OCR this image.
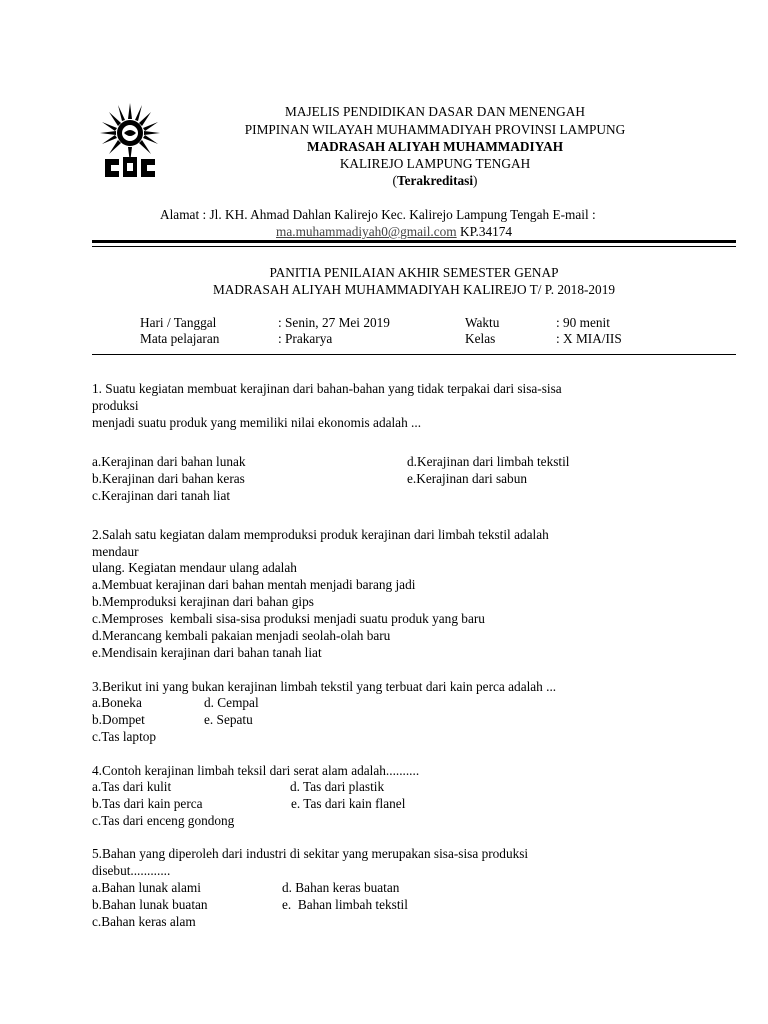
MAJELIS PENDIDIKAN DASAR DAN MENENGAH
PIMPINAN WILAYAH MUHAMMADIYAH PROVINSI LAMPUNG
MADRASAH ALIYAH MUHAMMADIYAH
KALIREJO LAMPUNG TENGAH
(Terakreditasi)
Alamat : Jl. KH. Ahmad Dahlan Kalirejo Kec. Kalirejo Lampung Tengah E-mail :
ma.muhammadiyah0@gmail.com KP.34174
PANITIA PENILAIAN AKHIR SEMESTER GENAP
MADRASAH ALIYAH MUHAMMADIYAH KALIREJO T/ P. 2018-2019
Hari / Tanggal	: Senin, 27 Mei 2019	Waktu	: 90 menit
Mata pelajaran	: Prakarya	Kelas	: X MIA/IIS
1. Suatu kegiatan membuat kerajinan dari bahan-bahan yang tidak terpakai dari sisa-sisa
produksi
menjadi suatu produk yang memiliki nilai ekonomis adalah ...
a.Kerajinan dari bahan lunak
b.Kerajinan dari bahan keras
c.Kerajinan dari tanah liat
d.Kerajinan dari limbah tekstil
e.Kerajinan dari sabun
2.Salah satu kegiatan dalam memproduksi produk kerajinan dari limbah tekstil adalah
mendaur
ulang. Kegiatan mendaur ulang adalah
a.Membuat kerajinan dari bahan mentah menjadi barang jadi
b.Memproduksi kerajinan dari bahan gips
c.Memproses  kembali sisa-sisa produksi menjadi suatu produk yang baru
d.Merancang kembali pakaian menjadi seolah-olah baru
e.Mendisain kerajinan dari bahan tanah liat
3.Berikut ini yang bukan kerajinan limbah tekstil yang terbuat dari kain perca adalah ...
a.Boneka
b.Dompet
c.Tas laptop
d. Cempal
e. Sepatu
4.Contoh kerajinan limbah teksil dari serat alam adalah..........
a.Tas dari kulit
b.Tas dari kain perca
c.Tas dari enceng gondong
d. Tas dari plastik
e. Tas dari kain flanel
5.Bahan yang diperoleh dari industri di sekitar yang merupakan sisa-sisa produksi
disebut............
a.Bahan lunak alami
b.Bahan lunak buatan
c.Bahan keras alam
d. Bahan keras buatan
e.  Bahan limbah tekstil
